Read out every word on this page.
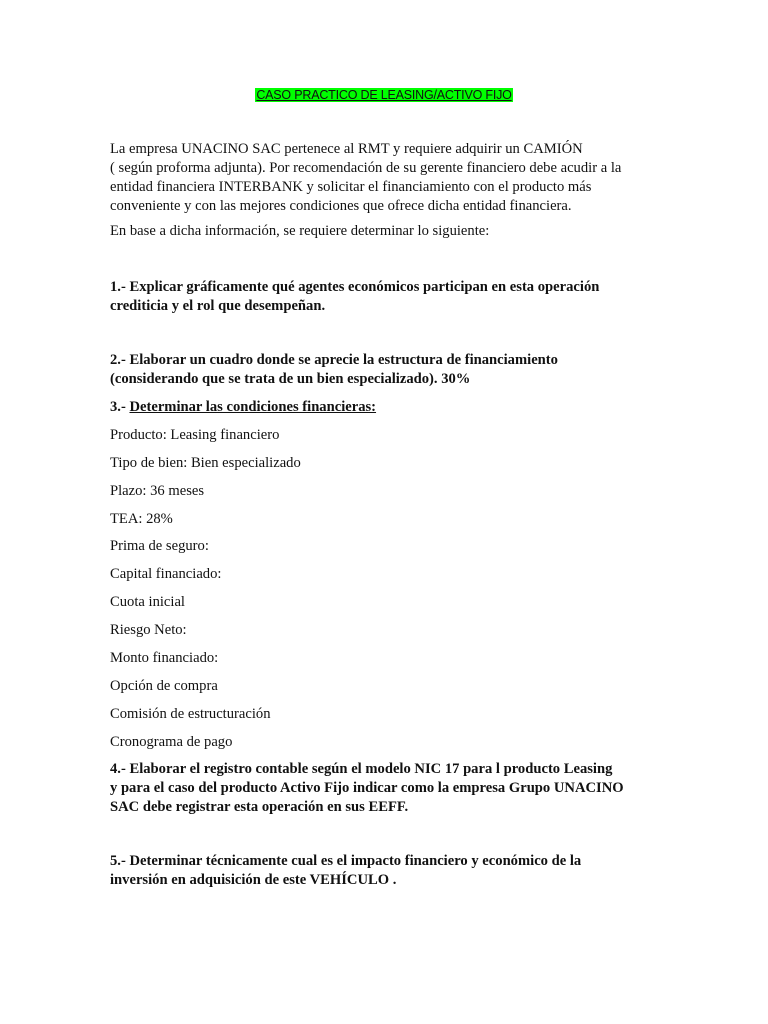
CASO PRACTICO DE LEASING/ACTIVO FIJO

La empresa UNACINO SAC pertenece al RMT y requiere adquirir un CAMIÓN

( según proforma adjunta). Por recomendación de su gerente financiero debe acudir a la

entidad financiera INTERBANK y solicitar el financiamiento con el producto más

conveniente y con las mejores condiciones que ofrece dicha entidad financiera.

En base a dicha información, se requiere determinar lo siguiente:

1.- Explicar gráficamente qué agentes económicos participan en esta operación

crediticia y el rol que desempeñan.

2.- Elaborar un cuadro donde se aprecie la estructura de financiamiento

(considerando que se trata de un bien especializado). 30%

3.- Determinar las condiciones financieras:

Producto: Leasing financiero
Tipo de bien: Bien especializado
Plazo: 36 meses
TEA: 28%
Prima de seguro:
Capital financiado:
Cuota inicial
Riesgo Neto:
Monto financiado:
Opción de compra
Comisión de estructuración
Cronograma de pago

4.- Elaborar el registro contable según el modelo NIC 17 para l producto Leasing

y para el caso del producto Activo Fijo indicar como la empresa Grupo UNACINO

SAC debe registrar esta operación en sus EEFF.

5.- Determinar técnicamente cual es el impacto financiero y económico de la

inversión en adquisición de este VEHÍCULO .
